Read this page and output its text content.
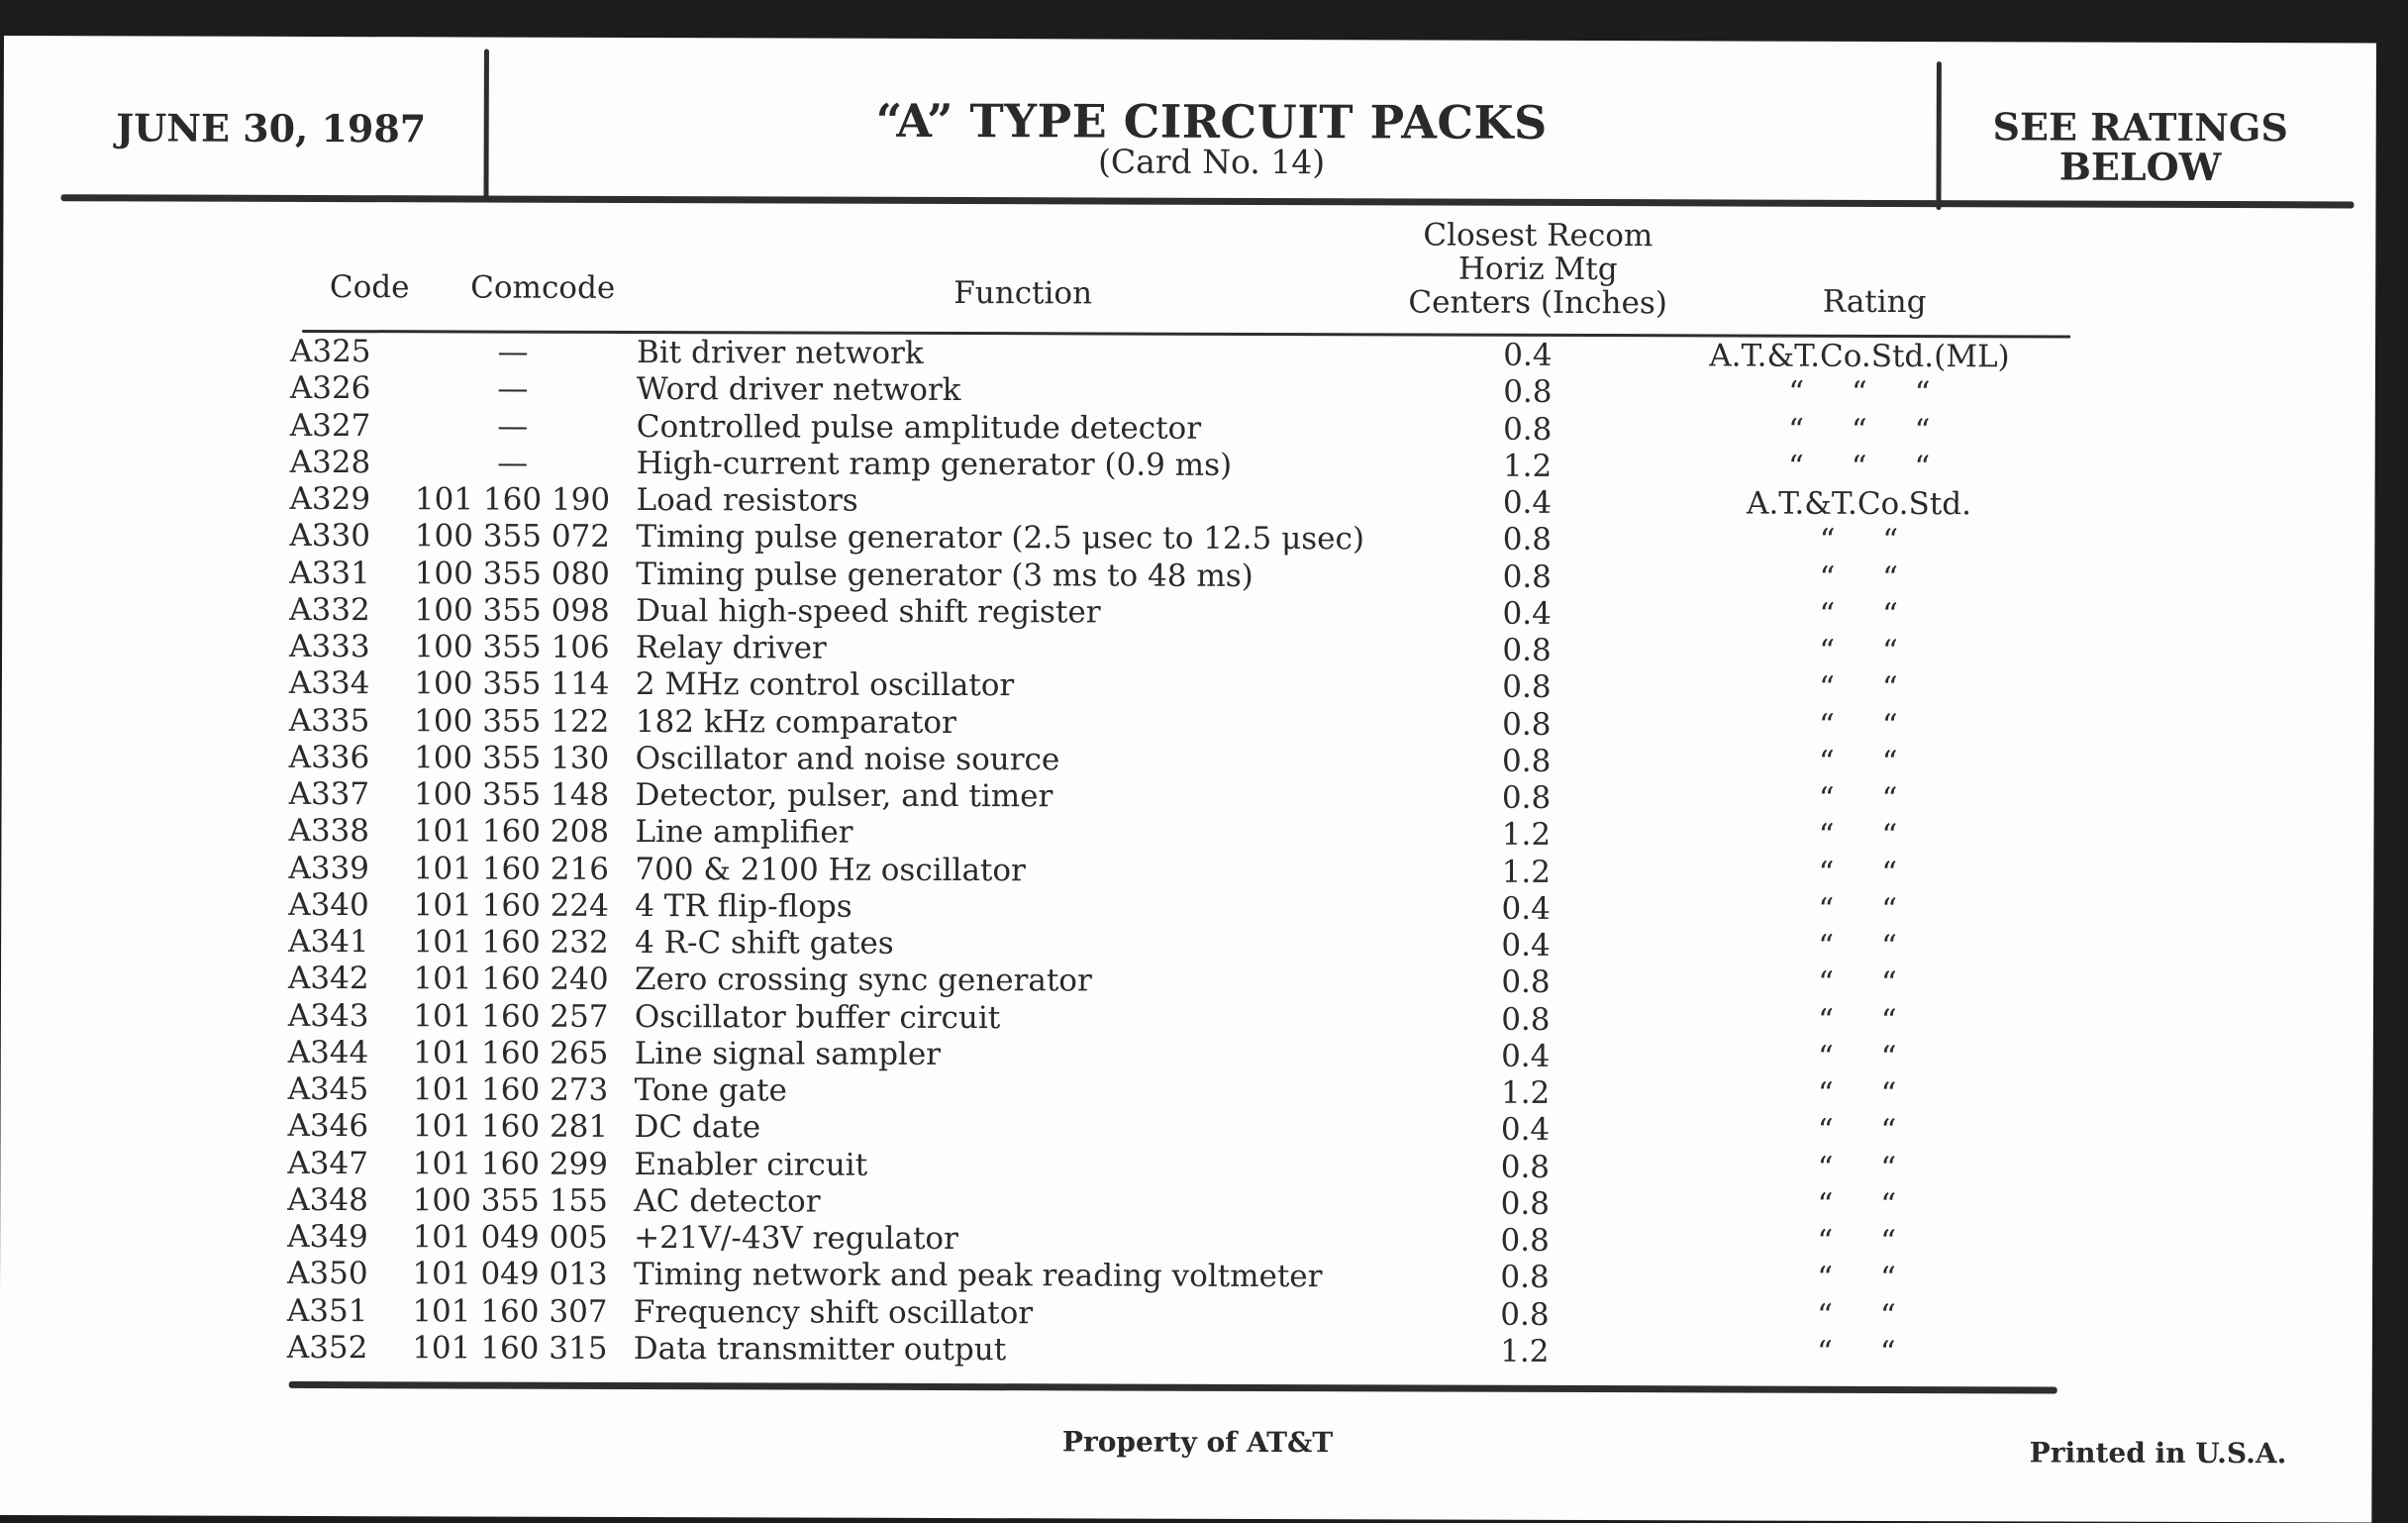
JUNE 30, 1987	“A” TYPE CIRCUIT PACKS
(Card No. 14)
SEE RATINGS
BELOW
Code	Comcode	Function
Closest Recom
Horiz Mtg
Centers (Inches)	Rating
A325	—	Bit driver network	0.4	A.T.&T.Co.Std.(ML)
A326	—	Word driver network	0.8	“ “ “
A327	—	Controlled pulse amplitude detector	0.8	“ “ “
A328	—	High-current ramp generator (0.9 ms)	1.2	“ “ “
A329	101 160 190 Load resistors	0.4	A.T.&T.Co.Std.
A330	100 355 072 Timing pulse generator (2.5 μsec to 12.5 μsec)	0.8	“ “
A331	100 355 080 Timing pulse generator (3 ms to 48 ms)	0.8	“ “
A332	100 355 098 Dual high-speed shift register	0.4	“ “
A333	100 355 106 Relay driver	0.8	“ “
A334	100 355 114 2 MHz control oscillator	0.8	“ “
A335	100 355 122 182 kHz comparator	0.8	“ “
A336	100 355 130 Oscillator and noise source	0.8	“ “
A337	100 355 148 Detector, pulser, and timer	0.8	“ “
A338	101 160 208 Line amplifier	1.2	“ “
A339	101 160 216 700 & 2100 Hz oscillator	1.2	“ “
A340	101 160 224 4 TR flip-flops	0.4	“ “
A341	101 160 232 4 R-C shift gates	0.4	“ “
A342	101 160 240 Zero crossing sync generator	0.8	“ “
A343	101 160 257 Oscillator buffer circuit	0.8	“ “
A344	101 160 265 Line signal sampler	0.4	“ “
A345	101 160 273 Tone gate	1.2	“ “
A346	101 160 281 DC date	0.4	“ “
A347	101 160 299 Enabler circuit	0.8	“ “
A348	100 355 155 AC detector	0.8	“ “
A349	101 049 005 +21V/-43V regulator	0.8	“ “
A350	101 049 013 Timing network and peak reading voltmeter	0.8	“ “
A351	101 160 307 Frequency shift oscillator	0.8	“ “
A352	101 160 315 Data transmitter output	1.2	“ “
Property of AT&T	Printed in U.S.A.
